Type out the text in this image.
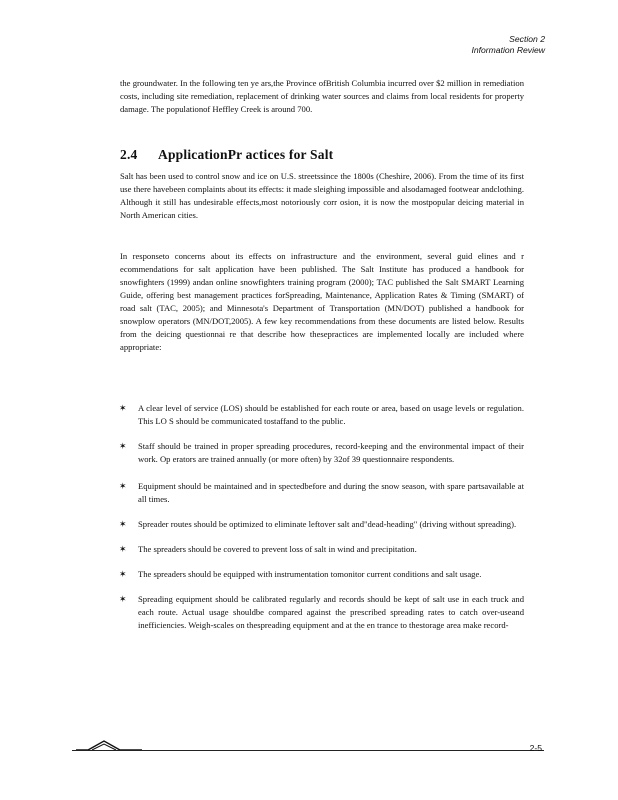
Section 2
Information Review
the groundwater. In the following ten ye ars,the Province ofBritish Columbia incurred over $2 million in remediation costs, including site remediation, replacement of drinking water sources and claims from local residents for property damage. The populationof Heffley Creek is around 700.
2.4 ApplicationPr actices for Salt
Salt has been used to control snow and ice on U.S. streetssince the 1800s (Cheshire, 2006). From the time of its first use there havebeen complaints about its effects: it made sleighing impossible and alsodamaged footwear andclothing. Although it still has undesirable effects,most notoriously corr osion, it is now the mostpopular deicing material in North American cities.
In responseto concerns about its effects on infrastructure and the environment, several guid elines and r ecommendations for salt application have been published. The Salt Institute has produced a handbook for snowfighters (1999) andan online snowfighters training program (2000); TAC published the Salt SMART Learning Guide, offering best management practices forSpreading, Maintenance, Application Rates & Timing (SMART) of road salt (TAC, 2005); and Minnesota's Department of Transportation (MN/DOT) published a handbook for snowplow operators (MN/DOT,2005). A few key recommendations from these documents are listed below. Results from the deicing questionnai re that describe how thesepractices are implemented locally are included where appropriate:
✶ A clear level of service (LOS) should be established for each route or area, based on usage levels or regulation. This LO S should be communicated tostaffand to the public.
✶ Staff should be trained in proper spreading procedures, record-keeping and the environmental impact of their work. Op erators are trained annually (or more often) by 32of 39 questionnaire respondents.
✶ Equipment should be maintained and in spectedbefore and during the snow season, with spare partsavailable at all times.
✶ Spreader routes should be optimized to eliminate leftover salt and"dead-heading" (driving without spreading).
✶ The spreaders should be covered to prevent loss of salt in wind and precipitation.
✶ The spreaders should be equipped with instrumentation tomonitor current conditions and salt usage.
✶ Spreading equipment should be calibrated regularly and records should be kept of salt use in each truck and each route. Actual usage shouldbe compared against the prescribed spreading rates to catch over-useand inefficiencies. Weigh-scales on thespreading equipment and at the en trance to thestorage area make record-
2-5
